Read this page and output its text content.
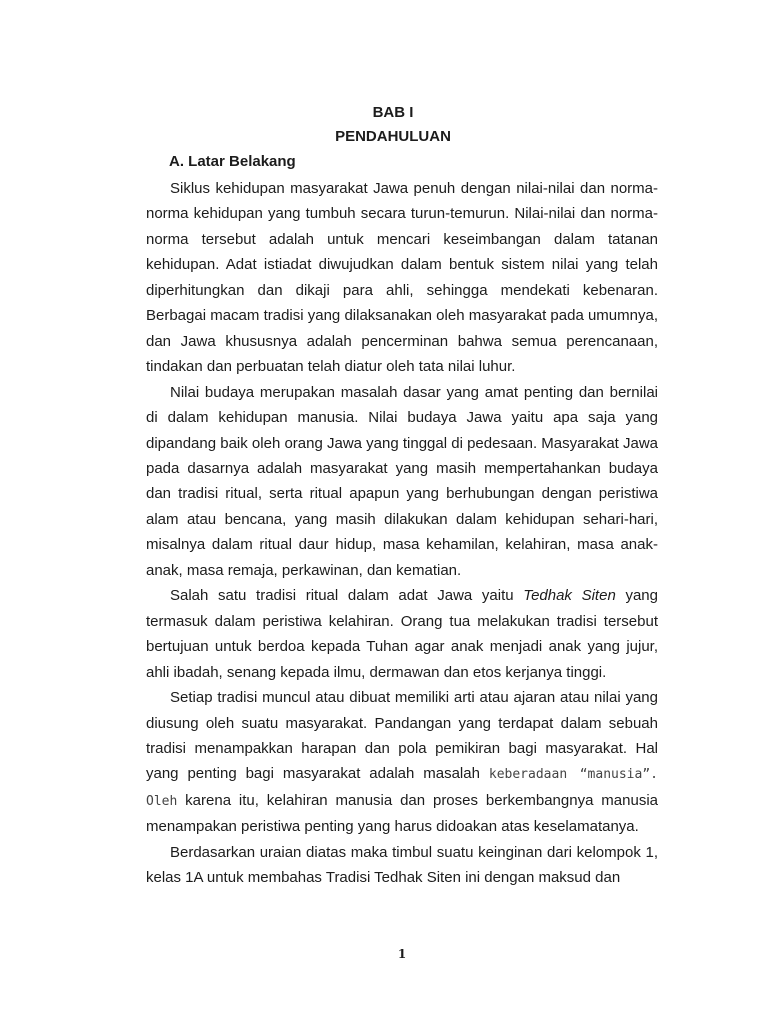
BAB I
PENDAHULUAN
A. Latar Belakang

Siklus kehidupan masyarakat Jawa penuh dengan nilai-nilai dan norma-norma kehidupan yang tumbuh secara turun-temurun. Nilai-nilai dan norma-norma tersebut adalah untuk mencari keseimbangan dalam tatanan kehidupan. Adat istiadat diwujudkan dalam bentuk sistem nilai yang telah diperhitungkan dan dikaji para ahli, sehingga mendekati kebenaran. Berbagai macam tradisi yang dilaksanakan oleh masyarakat pada umumnya, dan Jawa khususnya adalah pencerminan bahwa semua perencanaan, tindakan dan perbuatan telah diatur oleh tata nilai luhur.

Nilai budaya merupakan masalah dasar yang amat penting dan bernilai di dalam kehidupan manusia. Nilai budaya Jawa yaitu apa saja yang dipandang baik oleh orang Jawa yang tinggal di pedesaan. Masyarakat Jawa pada dasarnya adalah masyarakat yang masih mempertahankan budaya dan tradisi ritual, serta ritual apapun yang berhubungan dengan peristiwa alam atau bencana, yang masih dilakukan dalam kehidupan sehari-hari, misalnya dalam ritual daur hidup, masa kehamilan, kelahiran, masa anak-anak, masa remaja, perkawinan, dan kematian.

Salah satu tradisi ritual dalam adat Jawa yaitu Tedhak Siten yang termasuk dalam peristiwa kelahiran. Orang tua melakukan tradisi tersebut bertujuan untuk berdoa kepada Tuhan agar anak menjadi anak yang jujur, ahli ibadah, senang kepada ilmu, dermawan dan etos kerjanya tinggi.

Setiap tradisi muncul atau dibuat memiliki arti atau ajaran atau nilai yang diusung oleh suatu masyarakat. Pandangan yang terdapat dalam sebuah tradisi menampakkan harapan dan pola pemikiran bagi masyarakat. Hal yang penting bagi masyarakat adalah masalah keberadaan “manusia”. Oleh karena itu, kelahiran manusia dan proses berkembangnya manusia menampakan peristiwa penting yang harus didoakan atas keselamatanya.

Berdasarkan uraian diatas maka timbul suatu keinginan dari kelompok 1, kelas 1A untuk membahas Tradisi Tedhak Siten ini dengan maksud dan

1
